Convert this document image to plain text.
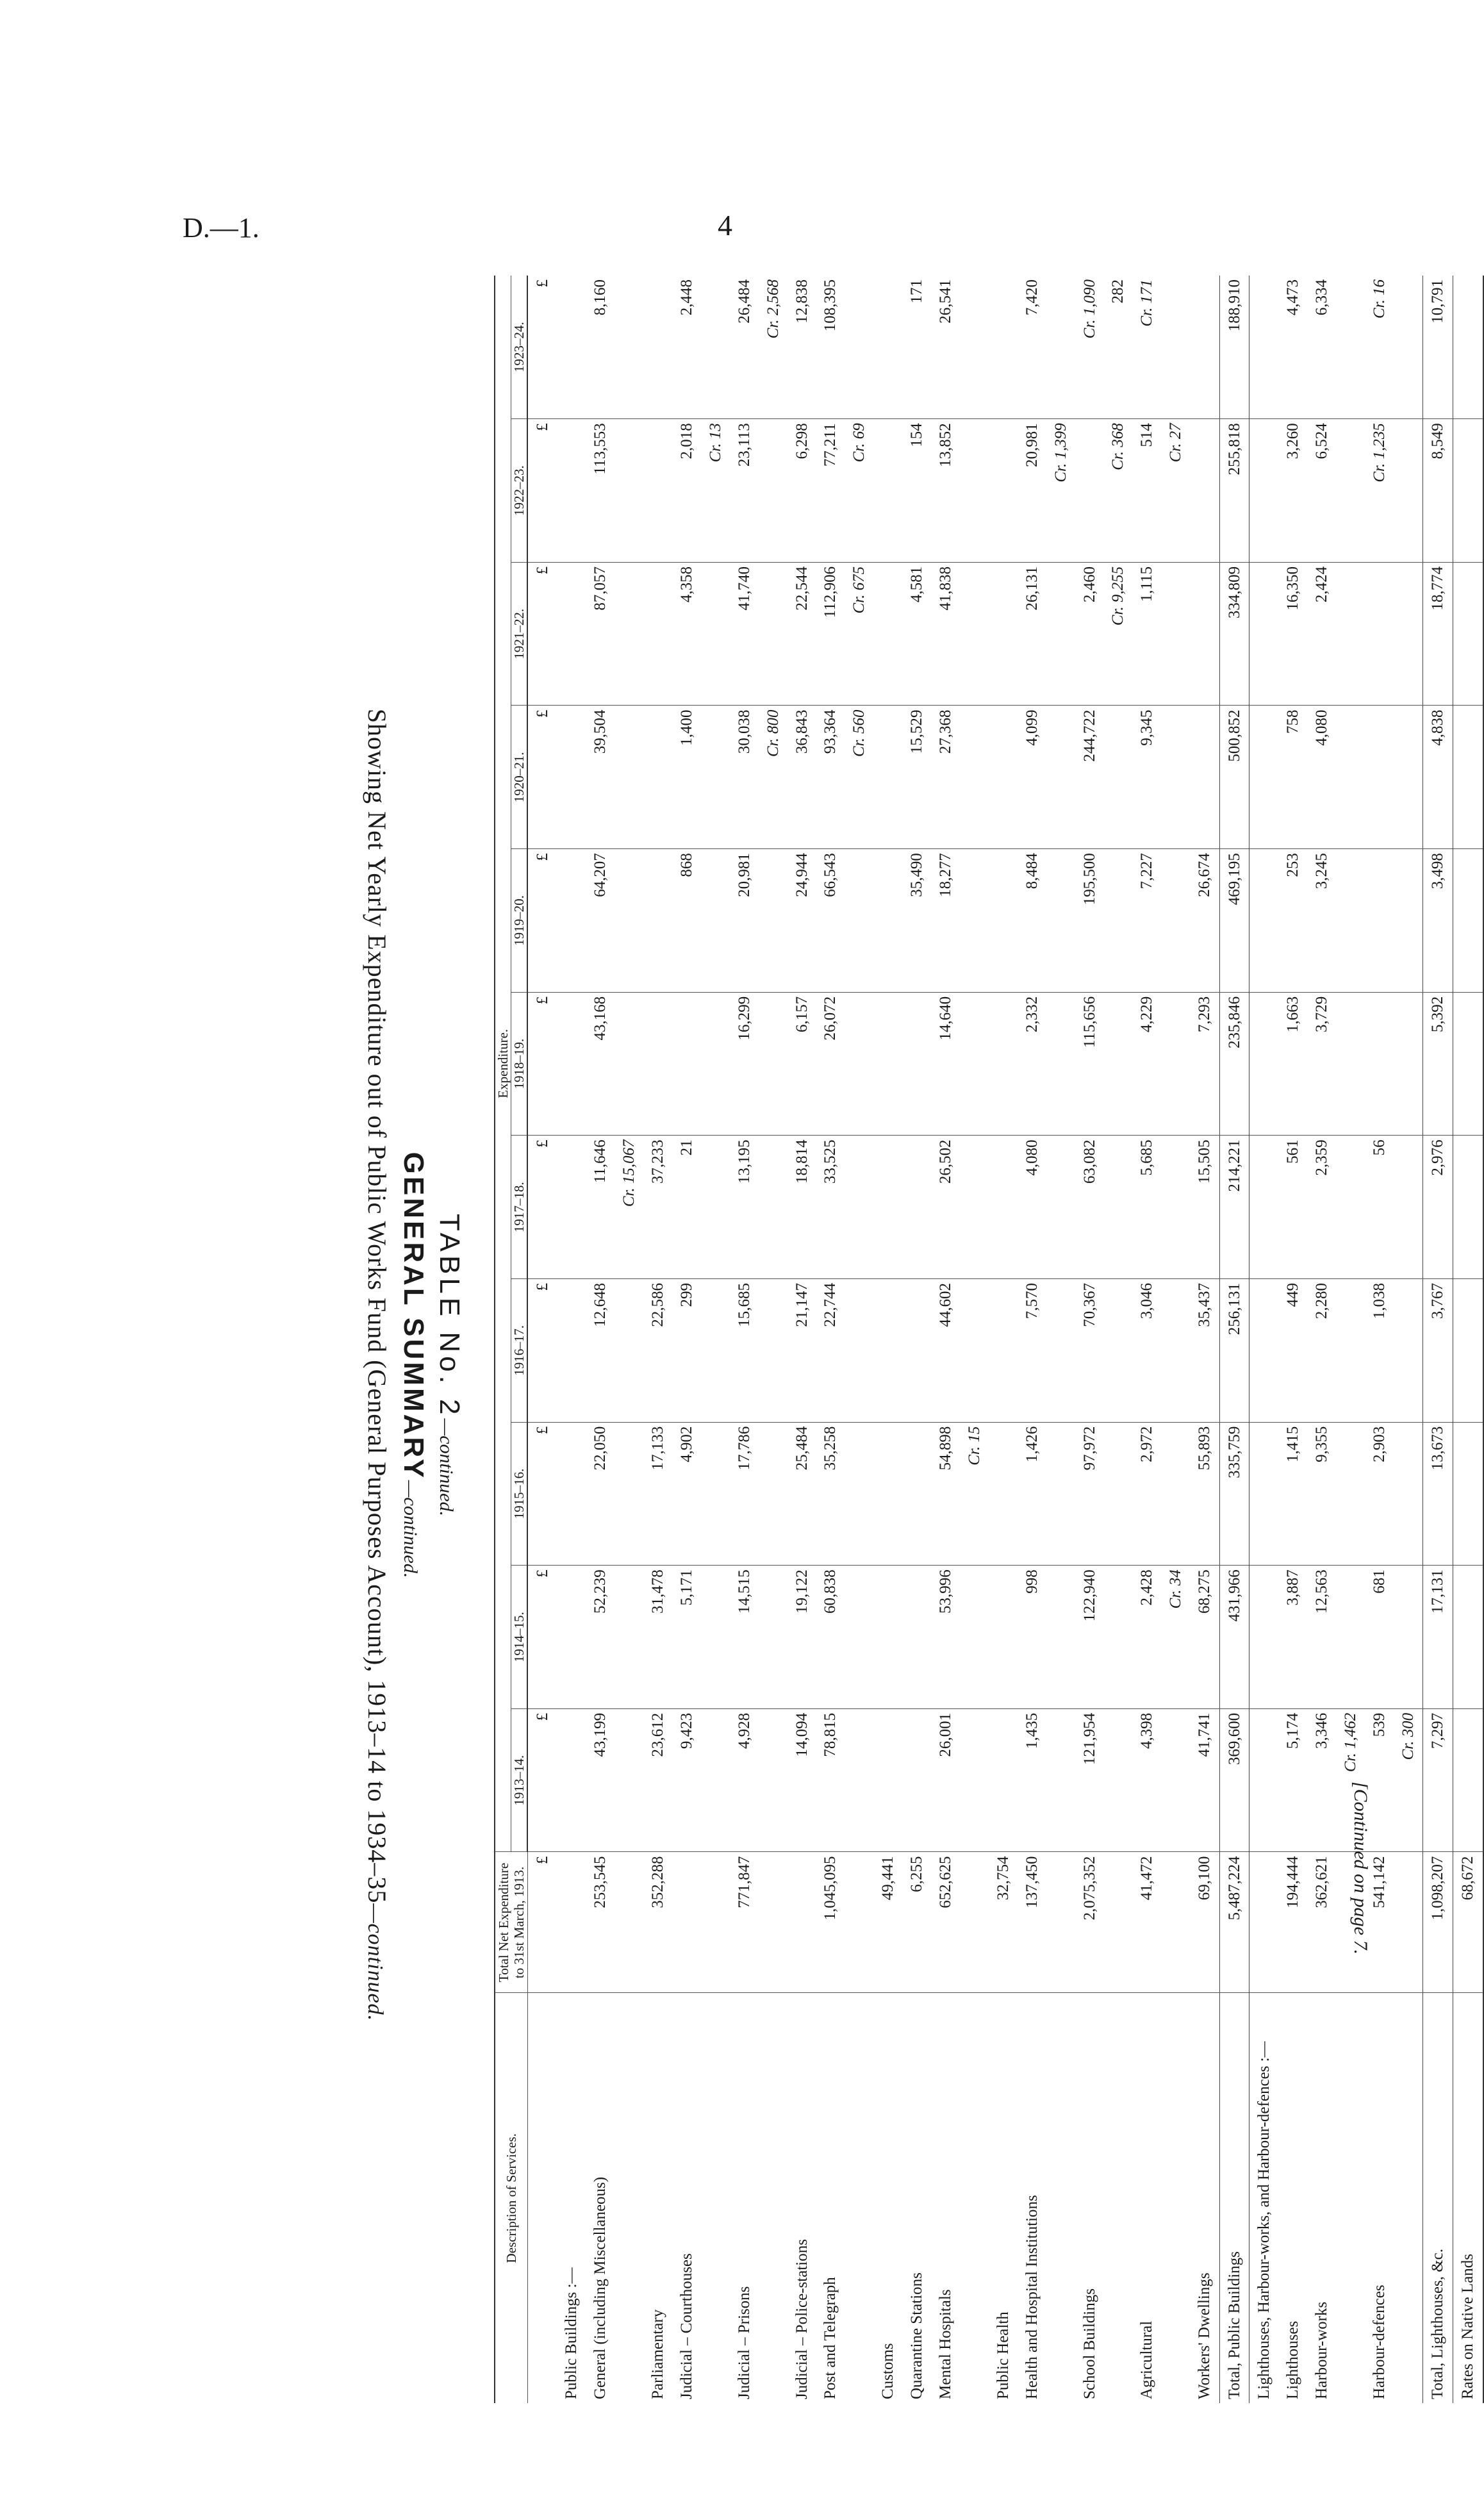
D.—1.	4
TABLE No. 2—continued.
GENERAL SUMMARY—continued.
Showing Net Yearly Expenditure out of Public Works Fund (General Purposes Account), 1913–14 to 1934–35—continued.
Description of Services.	Total Net Expenditure to 31st March, 1913.	Expenditure.										
		1913–14.	1914–15.	1915–16.	1916–17.	1917–18.	1918–19.	1919–20.	1920–21.	1921–22.	1922–23.	1923–24.
	£	£	£	£	£	£	£	£	£	£	£	£
Public Buildings :—												
General (including Miscellaneous)	253,545	43,199	52,239	22,050	12,648	11,646	43,168	64,207	39,504	87,057	113,553	8,160
						Cr. 15,067						
Parliamentary	352,288	23,612	31,478	17,133	22,586	37,233						
Judicial – Courthouses		9,423	5,171	4,902	299	21		868	1,400	4,358	2,018	2,448
											Cr. 13	
Judicial – Prisons	771,847	4,928	14,515	17,786	15,685	13,195	16,299	20,981	30,038	41,740	23,113	26,484
									Cr. 800			Cr. 2,568
Judicial – Police-stations		14,094	19,122	25,484	21,147	18,814	6,157	24,944	36,843	22,544	6,298	12,838
Post and Telegraph	1,045,095	78,815	60,838	35,258	22,744	33,525	26,072	66,543	93,364	112,906	77,211	108,395
									Cr. 560	Cr. 675	Cr. 69	
Customs	49,441											
Quarantine Stations	6,255							35,490	15,529	4,581	154	171
Mental Hospitals	652,625	26,001	53,996	54,898	44,602	26,502	14,640	18,277	27,368	41,838	13,852	26,541
				Cr. 15								
Public Health	32,754											
Health and Hospital Institutions	137,450	1,435	998	1,426	7,570	4,080	2,332	8,484	4,099	26,131	20,981	7,420
											Cr. 1,399	
School Buildings	2,075,352	121,954	122,940	97,972	70,367	63,082	115,656	195,500	244,722	2,460		Cr. 1,090
										Cr. 9,255	Cr. 368	282
Agricultural	41,472	4,398	2,428	2,972	3,046	5,685	4,229	7,227	9,345	1,115	514	Cr. 171
			Cr. 34								Cr. 27	
Workers' Dwellings	69,100	41,741	68,275	55,893	35,437	15,505	7,293	26,674				
Total, Public Buildings	5,487,224	369,600	431,966	335,759	256,131	214,221	235,846	469,195	500,852	334,809	255,818	188,910
Lighthouses, Harbour-works, and Harbour-defences :—												
Lighthouses	194,444	5,174	3,887	1,415	449	561	1,663	253	758	16,350	3,260	4,473
Harbour-works	362,621	3,346	12,563	9,355	2,280	2,359	3,729	3,245	4,080	2,424	6,524	6,334
		Cr. 1,462										
Harbour-defences	541,142	539	681	2,903	1,038	56					Cr. 1,235	Cr. 16
		Cr. 300										
Total, Lighthouses, &c.	1,098,207	7,297	17,131	13,673	3,767	2,976	5,392	3,498	4,838	18,774	8,549	10,791
Rates on Native Lands	68,672											
[Continued on page 7.
